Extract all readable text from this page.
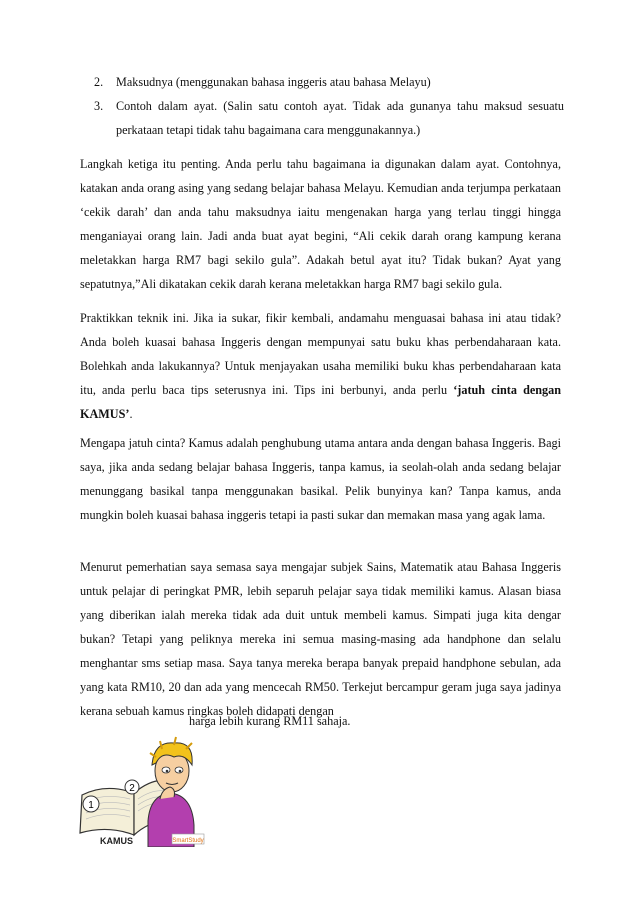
2. Maksudnya (menggunakan bahasa inggeris atau bahasa Melayu)
3. Contoh dalam ayat. (Salin satu contoh ayat. Tidak ada gunanya tahu maksud sesuatu perkataan tetapi tidak tahu bagaimana cara menggunakannya.)

Langkah ketiga itu penting. Anda perlu tahu bagaimana ia digunakan dalam ayat. Contohnya, katakan anda orang asing yang sedang belajar bahasa Melayu. Kemudian anda terjumpa perkataan ‘cekik darah’ dan anda tahu maksudnya iaitu mengenakan harga yang terlau tinggi hingga menganiayai orang lain. Jadi anda buat ayat begini, “Ali cekik darah orang kampung kerana meletakkan harga RM7 bagi sekilo gula”. Adakah betul ayat itu? Tidak bukan? Ayat yang sepatutnya,”Ali dikatakan cekik darah kerana meletakkan harga RM7 bagi sekilo gula.

Praktikkan teknik ini. Jika ia sukar, fikir kembali, andamahu menguasai bahasa ini atau tidak? Anda boleh kuasai bahasa Inggeris dengan mempunyai satu buku khas perbendaharaan kata. Bolehkah anda lakukannya? Untuk menjayakan usaha memiliki buku khas perbendaharaan kata itu, anda perlu baca tips seterusnya ini. Tips ini berbunyi, anda perlu ‘jatuh cinta dengan KAMUS’.

Mengapa jatuh cinta? Kamus adalah penghubung utama antara anda dengan bahasa Inggeris. Bagi saya, jika anda sedang belajar bahasa Inggeris, tanpa kamus, ia seolah-olah anda sedang belajar menunggang basikal tanpa menggunakan basikal. Pelik bunyinya kan? Tanpa kamus, anda mungkin boleh kuasai bahasa inggeris tetapi ia pasti sukar dan memakan masa yang agak lama.

Menurut pemerhatian saya semasa saya mengajar subjek Sains, Matematik atau Bahasa Inggeris untuk pelajar di peringkat PMR, lebih separuh pelajar saya tidak memiliki kamus. Alasan biasa yang diberikan ialah mereka tidak ada duit untuk membeli kamus. Simpati juga kita dengar bukan? Tetapi yang peliknya mereka ini semua masing-masing ada handphone dan selalu menghantar sms setiap masa. Saya tanya mereka berapa banyak prepaid handphone sebulan, ada yang kata RM10, 20 dan ada yang mencecah RM50. Terkejut bercampur geram juga saya jadinya kerana sebuah kamus ringkas boleh didapati dengan

harga lebih kurang RM11 sahaja.
1
2
KAMUS	SmartStudy
